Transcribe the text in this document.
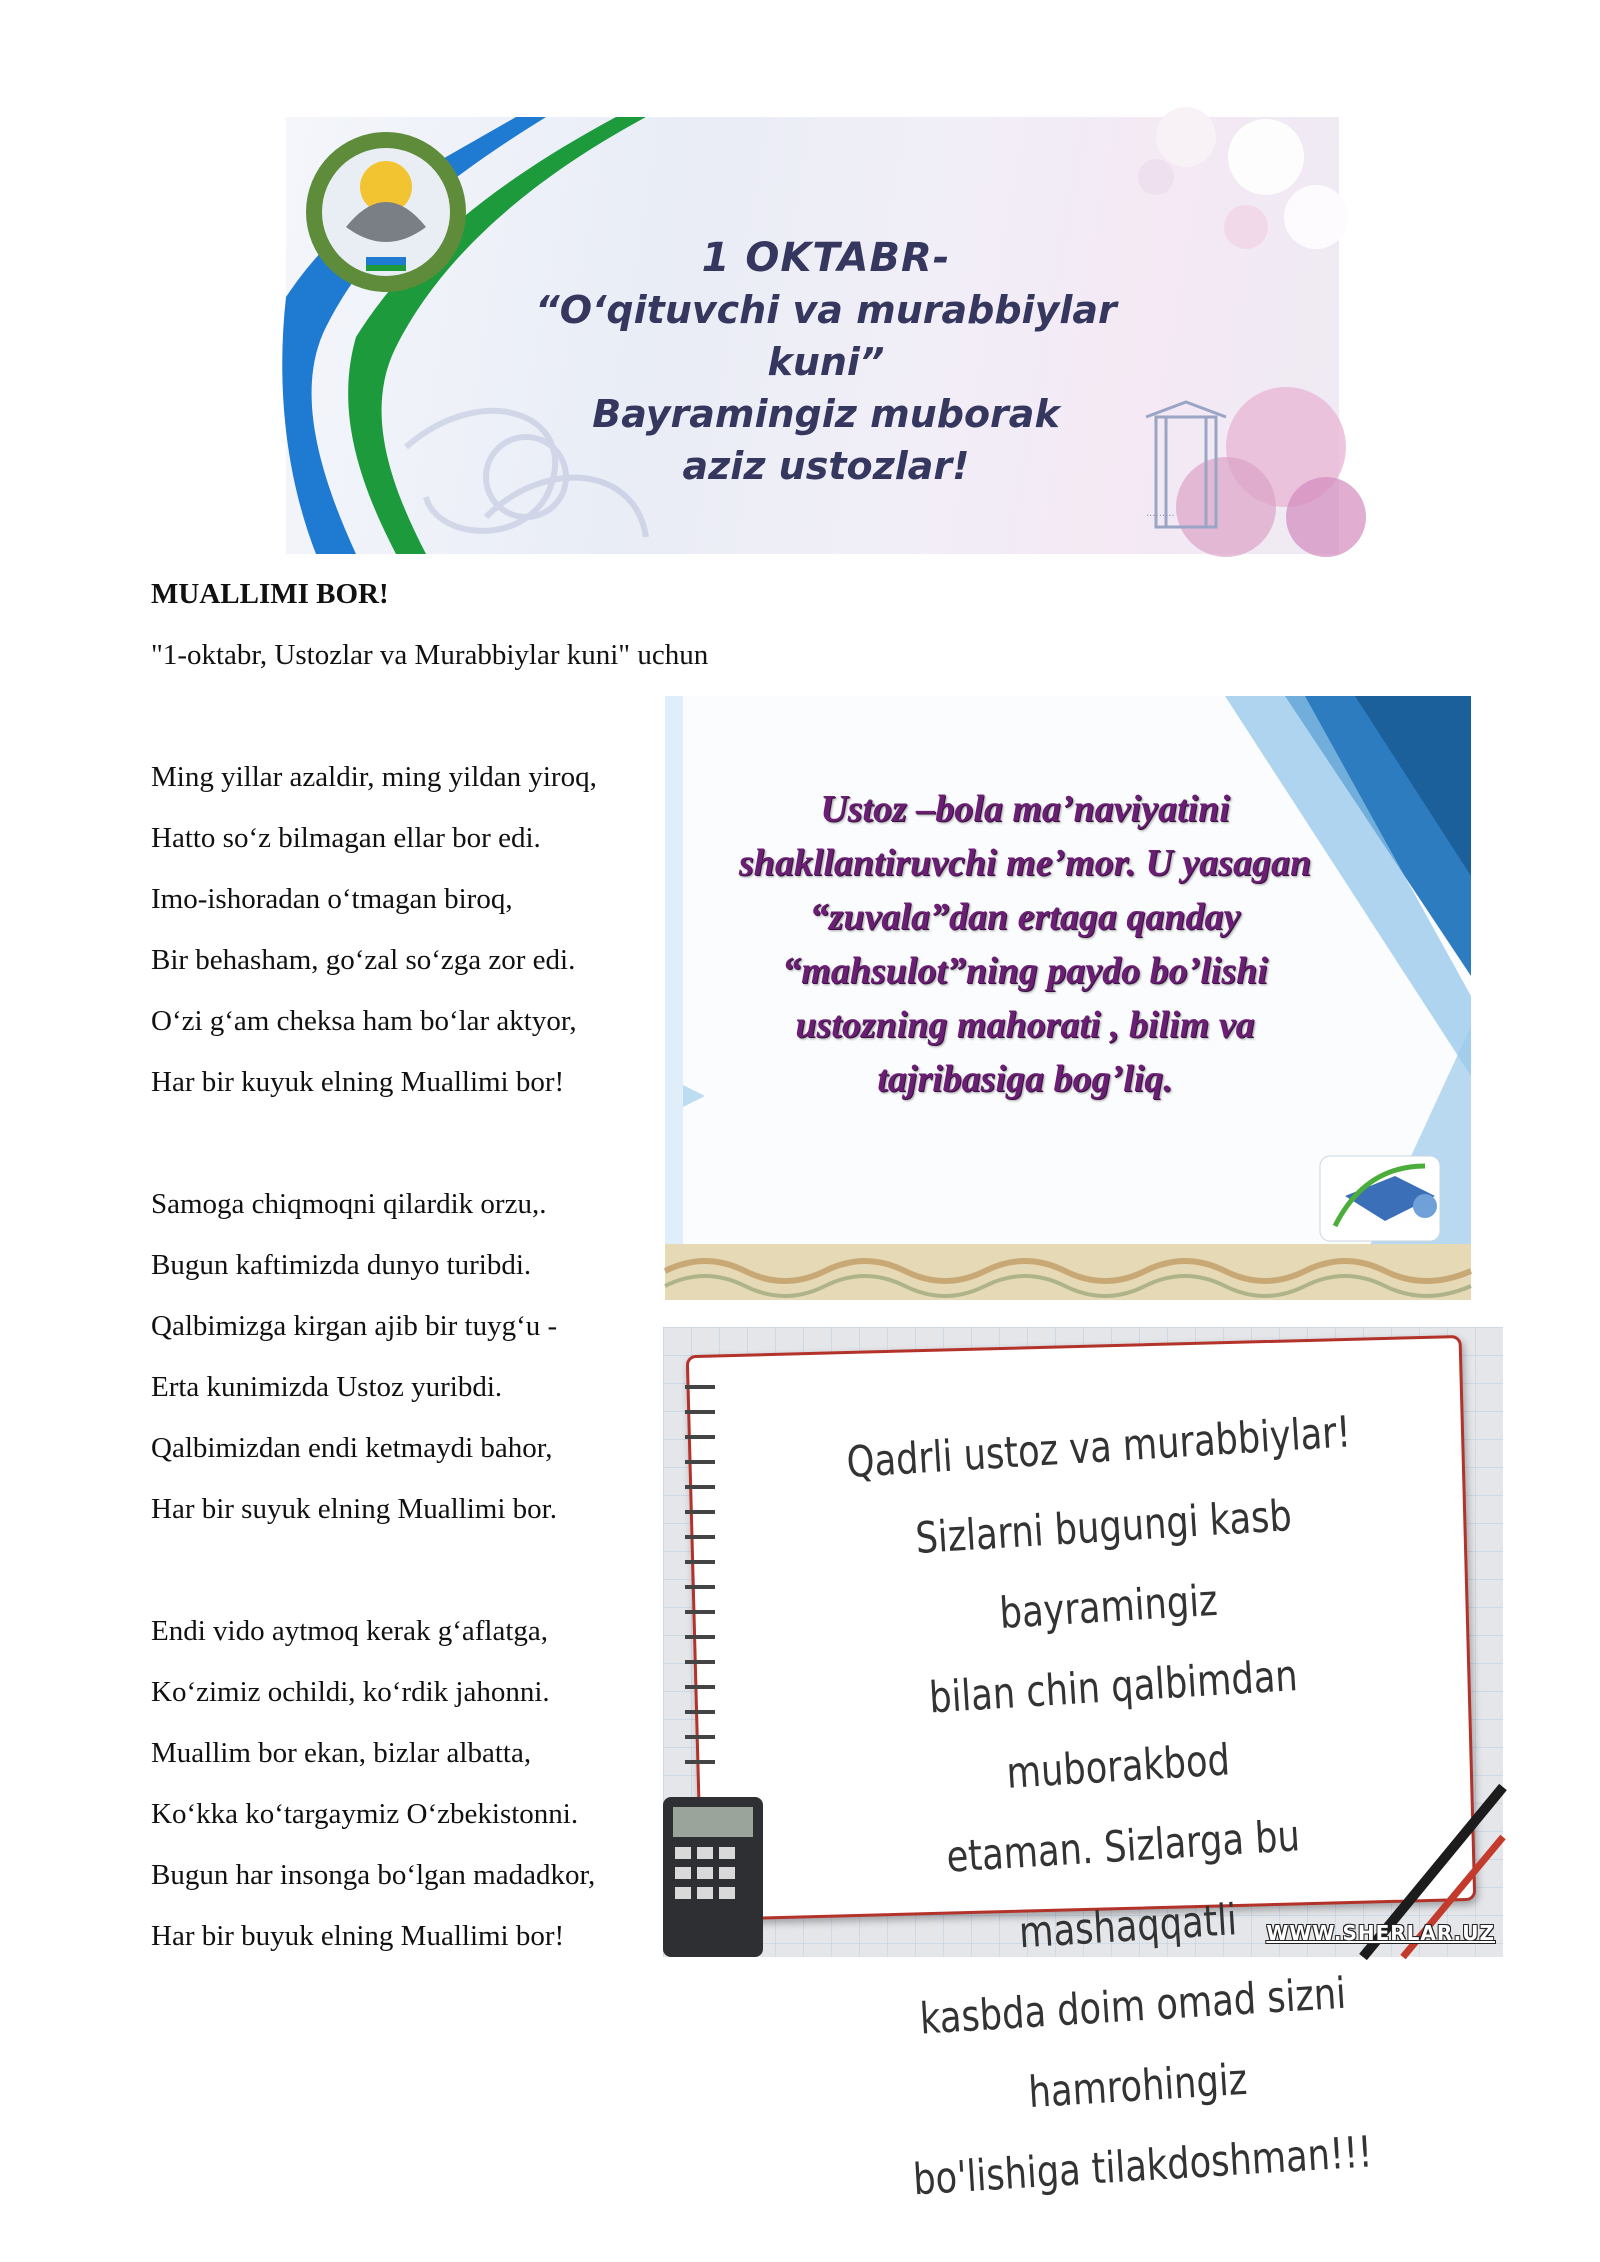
·········
1 OKTABR-
“O‘qituvchi va murabbiylar kuni”
Bayramingiz muborak
aziz ustozlar!
MUALLIMI BOR!
"1-oktabr, Ustozlar va Murabbiylar kuni" uchun
Ming yillar azaldir, ming yildan yiroq,
Hatto so‘z bilmagan ellar bor edi.
Imo-ishoradan o‘tmagan biroq,
Bir behasham, go‘zal so‘zga zor edi.
O‘zi g‘am cheksa ham bo‘lar aktyor,
Har bir kuyuk elning Muallimi bor!
Samoga chiqmoqni qilardik orzu,.
Bugun kaftimizda dunyo turibdi.
Qalbimizga kirgan ajib bir tuyg‘u -
Erta kunimizda Ustoz yuribdi.
Qalbimizdan endi ketmaydi bahor,
Har bir suyuk elning Muallimi bor.
Endi vido aytmoq kerak g‘aflatga,
Ko‘zimiz ochildi, ko‘rdik jahonni.
Muallim bor ekan, bizlar albatta,
Ko‘kka ko‘targaymiz O‘zbekistonni.
Bugun har insonga bo‘lgan madadkor,
Har bir buyuk elning Muallimi bor!
Ustoz –bola ma’naviyatini
shakllantiruvchi me’mor. U yasagan
“zuvala”dan ertaga qanday
“mahsulot”ning paydo bo’lishi
ustozning mahorati , bilim va
tajribasiga bog’liq.
Qadrli ustoz va murabbiylar!
Sizlarni bugungi kasb bayramingiz
bilan chin qalbimdan muborakbod
etaman. Sizlarga bu mashaqqatli
kasbda doim omad sizni hamrohingiz
bo'lishiga tilakdoshman!!!
WWW.SHERLAR.UZ
